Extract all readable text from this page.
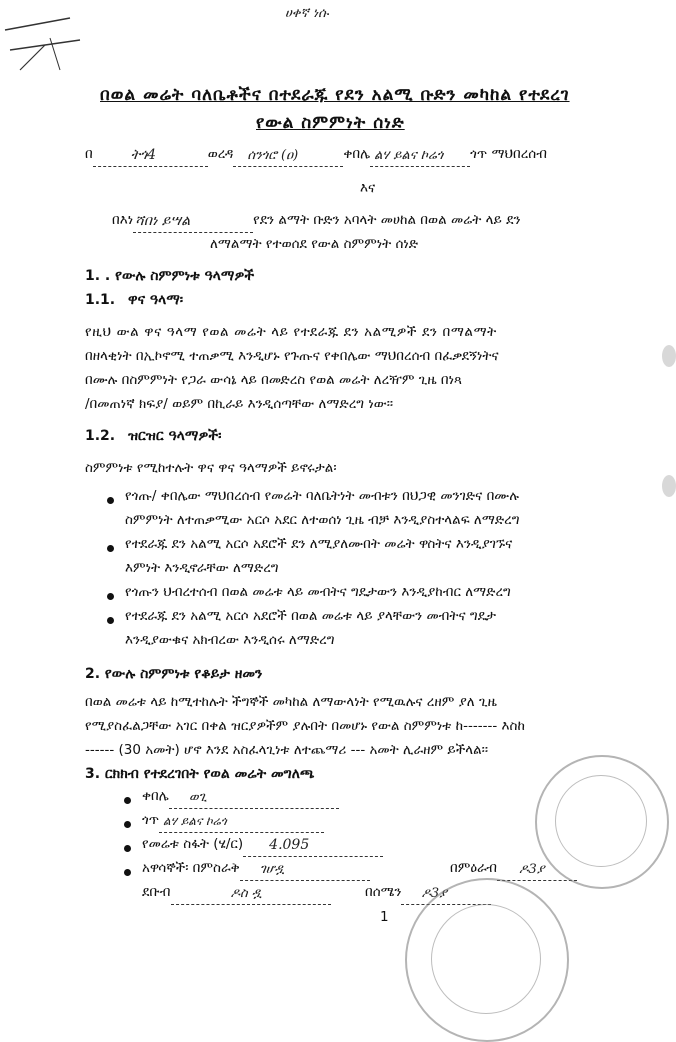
ሀቀኛ ነሱ
በወል መሬት ባለቤቶችና በተደራጁ የደን አልሚ ቡድን መካከል የተደረገ
የውል ስምምነት ሰነድ
በ	ትጎ4	ወረዳ ሰንጎሮ (ዐ)	ቀበሌ ልሃ ይልና ኮሬጎ ጎጥ ማህበረሰብ
እና
በእነ ሻበነ ይሣል	የደን ልማት ቡድን አባላት መሀከል በወል መሬት ላይ ደን
ለማልማት የተወሰደ የውል ስምምነት ሰነድ
1. . የውሉ ስምምነቱ ዓላማዎች
1.1. ዋና ዓላማ፡
የዚህ ውል ዋና ዓላማ የወል መሬት ላይ የተደራጁ ደን አልሚዎች ደን በማልማት
በዘላቂነት በኢኮኖሚ ተጠቃሚ እንዲሆኑ የጉጡና የቀበሌው ማህበረሰብ በፈቃደኝነትና
በሙሉ በስምምነት የጋራ ውሳኔ ላይ በመድረስ የወል መሬት ለረዥም ጊዜ በነጻ
/በመጠነኛ ክፍያ/ ወይም በኪራይ እንዲሰጣቸው ለማድረግ ነው፡፡
1.2. ዝርዝር ዓላማዎች፡
ስምምነቱ የሚከተሉት ዋና ዋና ዓላማዎች ይኖሩታል፡
የጎጡ/ ቀበሌው ማህበረሰብ የመሬት ባለቤትነት መብቱን በህጋዊ መንገድና በሙሉ
ስምምነት ለተጠቃሚው አርሶ አደር ለተወሰነ ጊዜ ብቻ እንዲያስተላልፍ ለማድረግ
የተደራጁ ደን አልሚ አርሶ አደሮች ደን ለሚያለሙበት መሬት ዋስትና እንዲያገኙና
እምነት እንዲኖራቸው ለማድረግ
የጎጡን ህብረተሰብ በወል መሬቱ ላይ መብትና ግዴታውን እንዲያከብር ለማድረግ
የተደራጁ ደን አልሚ አርሶ አደሮች በወል መሬቱ ላይ ያላቸውን መብትና ግዴታ
እንዲያውቁና አክብረው እንዲሰሩ ለማድረግ
2. የውሉ ስምምነቱ የቆይታ ዘመን
በወል መሬቱ ላይ ከሚተከሉት ችግኞች መካከል ለማውላነት የሚዉሉና ረዘም ያለ ጊዜ
የሚያስፈልጋቸው አገር በቀል ዝርያዎችም ያሉበት በመሆኑ የውል ስምምነቱ ከ------- እስከ
------ (30 አመት) ሆኖ እንደ አስፈላጊነቱ ለተጨማሪ --- አመት ሊራዘም ይችላል፡፡
3. ርክክብ የተደረገበት የወል መሬት መግለጫ
ቀበሌ ወጊ
ጎጥ ልሃ ይልና ኮሬጎ
የመሬቱ ስፋት (ሄ/ር) 4.095
አዋሳኞች፡ በምስራቅ ገሆዷ	በምዕራብ ዶ3ያ
ደቡብ	ዶስ ዷ	በሰሜን ዶ3ያ
1
